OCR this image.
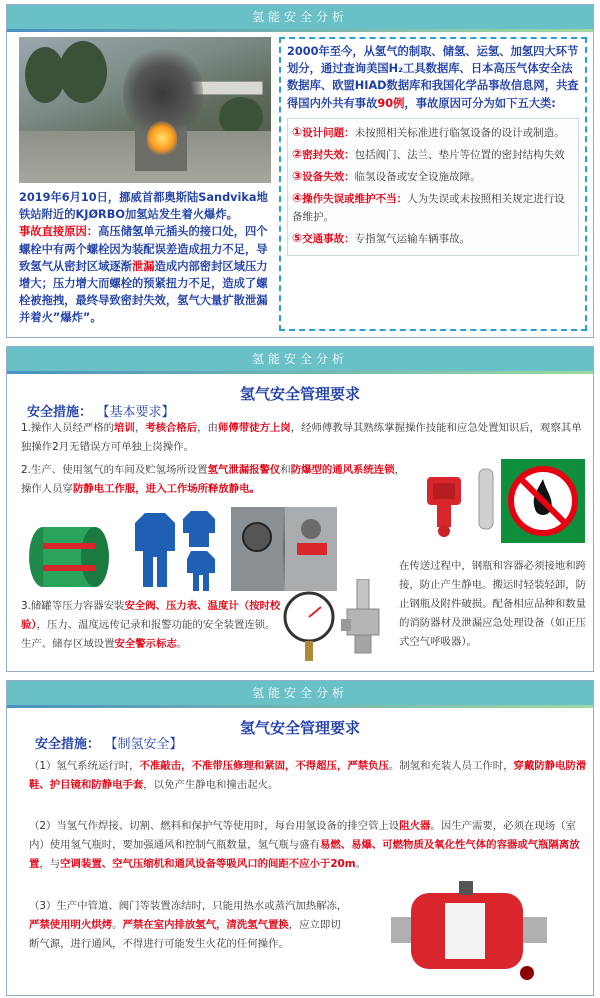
氢能安全分析
2019年6月10日，挪威首都奥斯陆Sandvika地铁站附近的KJØRBO加氢站发生着火爆炸。
事故直接原因：高压储氢单元插头的接口处，四个螺栓中有两个螺栓因为装配误差造成扭力不足，导致氢气从密封区域逐渐泄漏造成内部密封区域压力增大；压力增大而螺栓的预紧扭力不足，造成了螺栓被拖拽，最终导致密封失效，氢气大量扩散泄漏并着火”爆炸”。
2000年至今，从氢气的制取、储氢、运氢、加氢四大环节划分，通过查询美国H₂工具数据库、日本高压气体安全法数据库、欧盟HIAD数据库和我国化学品事故信息网，共查得国内外共有事故90例，事故原因可分为如下五大类:
①设计问题：未按照相关标准进行临氢设备的设计或制造。
②密封失效：包括阀门、法兰、垫片等位置的密封结构失效
③设备失效：临氢设备或安全设施故障。
④操作失误或维护不当：人为失误或未按照相关规定进行设备维护。
⑤交通事故：专指氢气运输车辆事故。
氢能安全分析
氢气安全管理要求
安全措施： 【基本要求】
1.操作人员经严格的培训，考核合格后，由师傅带徒方上岗，经师傅教导其熟练掌握操作技能和应急处置知识后，观察其单独操作2月无错误方可单独上岗操作。
2.生产、使用氢气的车间及贮氢场所设置氢气泄漏报警仪和防爆型的通风系统连锁，操作人员穿防静电工作服，进入工作场所释放静电。
3.储罐等压力容器安装安全阀、压力表、温度计（按时校验），压力、温度远传记录和报警功能的安全装置连锁。生产、储存区域设置安全警示标志。
在传送过程中，钢瓶和容器必须接地和跨接，防止产生静电。搬运时轻装轻卸，防止钢瓶及附件破损。配备相应品种和数量的消防器材及泄漏应急处理设备（如正压式空气呼吸器）。
氢能安全分析
氢气安全管理要求
安全措施： 【制氢安全】
（1）氢气系统运行时，不准敲击，不准带压修理和紧固，不得超压，严禁负压。制氢和充装人员工作时，穿戴防静电防滑鞋、护目镜和防静电手套，以免产生静电和撞击起火。
（2）当氢气作焊接、切割、燃料和保护气等使用时，每台用氢设备的排空管上设阻火器。因生产需要，必须在现场（室内）使用氢气瓶时，要加强通风和控制气瓶数量，氢气瓶与盛有易燃、易爆、可燃物质及氧化性气体的容器或气瓶隔离放置，与空调装置、空气压缩机和通风设备等吸风口的间距不应小于20m。
（3）生产中管道、阀门等装置冻结时，只能用热水或蒸汽加热解冻，严禁使用明火烘烤。严禁在室内排放氢气，清洗氢气置换，应立即切断气源，进行通风，不得进行可能发生火花的任何操作。
